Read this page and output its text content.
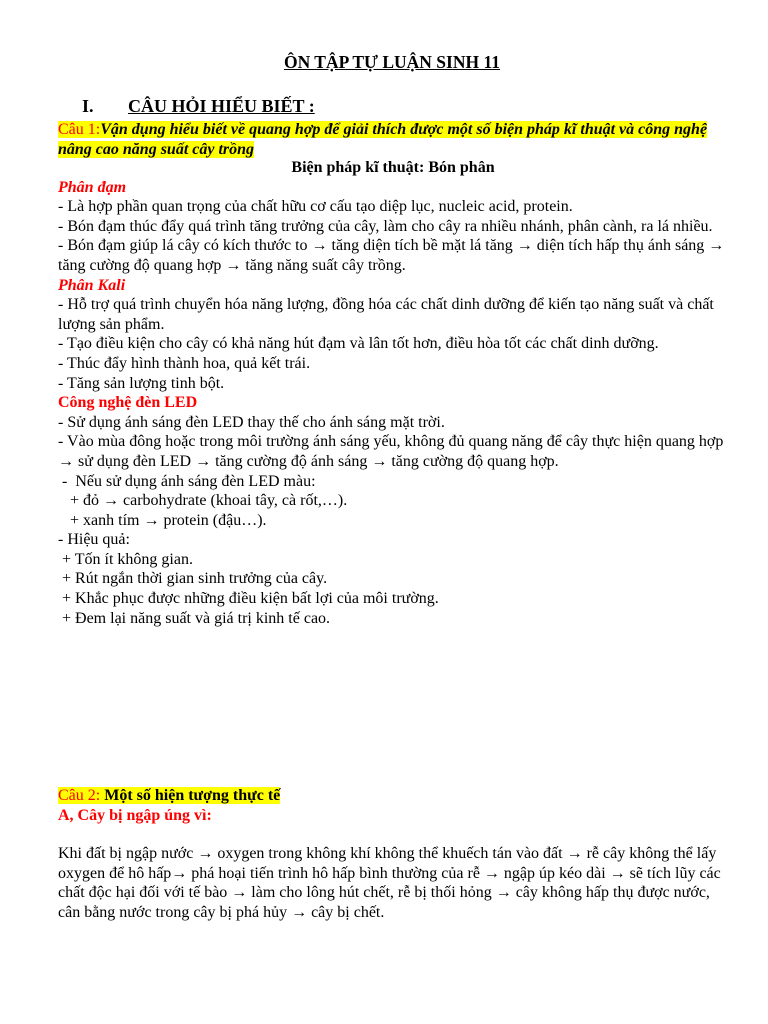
ÔN TẬP TỰ LUẬN SINH 11
I. CÂU HỎI HIỂU BIẾT :
Câu 1:Vận dụng hiểu biết về quang hợp để giải thích được một số biện pháp kĩ thuật và công nghệ nâng cao năng suất cây trồng
Biện pháp kĩ thuật: Bón phân
Phân đạm

- Là hợp phần quan trọng của chất hữu cơ cấu tạo diệp lục, nucleic acid, protein.

- Bón đạm thúc đẩy quá trình tăng trưởng của cây, làm cho cây ra nhiều nhánh, phân cành, ra lá nhiều.

- Bón đạm giúp lá cây có kích thước to → tăng diện tích bề mặt lá tăng → diện tích hấp thụ ánh sáng → tăng cường độ quang hợp → tăng năng suất cây trồng.

Phân Kali

- Hỗ trợ quá trình chuyển hóa năng lượng, đồng hóa các chất dinh dưỡng để kiến tạo năng suất và chất lượng sản phẩm.

- Tạo điều kiện cho cây có khả năng hút đạm và lân tốt hơn, điều hòa tốt các chất dinh dưỡng.

- Thúc đẩy hình thành hoa, quả kết trái.

- Tăng sản lượng tinh bột.

Công nghệ đèn LED

- Sử dụng ánh sáng đèn LED thay thế cho ánh sáng mặt trời.

- Vào mùa đông hoặc trong môi trường ánh sáng yếu, không đủ quang năng để cây thực hiện quang hợp → sử dụng đèn LED → tăng cường độ ánh sáng → tăng cường độ quang hợp.

-  Nếu sử dụng ánh sáng đèn LED màu:

+ đỏ → carbohydrate (khoai tây, cà rốt,…).

+ xanh tím → protein (đậu…).

- Hiệu quả:

+ Tốn ít không gian.

+ Rút ngắn thời gian sinh trưởng của cây.

+ Khắc phục được những điều kiện bất lợi của môi trường.

+ Đem lại năng suất và giá trị kinh tế cao.

Câu 2: Một số hiện tượng thực tế
A, Cây bị ngập úng vì:

Khi đất bị ngập nước → oxygen trong không khí không thể khuếch tán vào đất → rễ cây không thể lấy oxygen để hô hấp→ phá hoại tiến trình hô hấp bình thường của rễ → ngập úp kéo dài → sẽ tích lũy các chất độc hại đối với tế bào → làm cho lông hút chết, rễ bị thối hỏng → cây không hấp thụ được nước, cân bằng nước trong cây bị phá hủy → cây bị chết.
